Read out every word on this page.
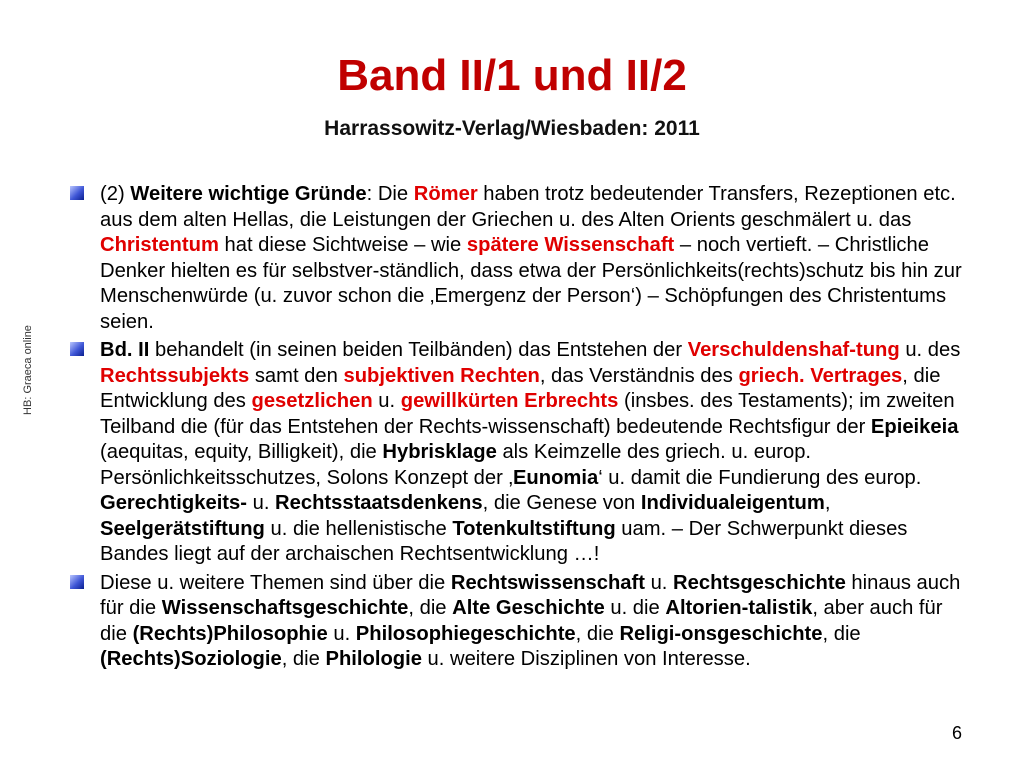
Band II/1 und II/2
Harrassowitz-Verlag/Wiesbaden: 2011
HB: Graeca online
(2) Weitere wichtige Gründe: Die Römer haben trotz bedeutender Transfers, Rezeptionen etc. aus dem alten Hellas, die Leistungen der Griechen u. des Alten Orients geschmälert u. das Christentum hat diese Sichtweise – wie spätere Wissenschaft – noch vertieft. – Christliche Denker hielten es für selbstver-ständlich, dass etwa der Persönlichkeits(rechts)schutz bis hin zur Menschenwürde (u. zuvor schon die ‚Emergenz der Person‘) – Schöpfungen des Christentums seien.
Bd. II behandelt (in seinen beiden Teilbänden) das Entstehen der Verschuldenshaf-tung u. des Rechtssubjekts samt den subjektiven Rechten, das Verständnis des griech. Vertrages, die Entwicklung des gesetzlichen u. gewillkürten Erbrechts (insbes. des Testaments); im zweiten Teilband die (für das Entstehen der Rechts-wissenschaft) bedeutende Rechtsfigur der Epieikeia (aequitas, equity, Billigkeit), die Hybrisklage als Keimzelle des griech. u. europ. Persönlichkeitsschutzes, Solons Konzept der ‚Eunomia‘ u. damit die Fundierung des europ. Gerechtigkeits- u. Rechtsstaatsdenkens, die Genese von Individualeigentum, Seelgerätstiftung u. die hellenistische Totenkultstiftung uam. – Der Schwerpunkt dieses Bandes liegt auf der archaischen Rechtsentwicklung …!
Diese u. weitere Themen sind über die Rechtswissenschaft u. Rechtsgeschichte hinaus auch für die Wissenschaftsgeschichte, die Alte Geschichte u. die Altorien-talistik, aber auch für die (Rechts)Philosophie u. Philosophiegeschichte, die Religi-onsgeschichte, die (Rechts)Soziologie, die Philologie u. weitere Disziplinen von Interesse.
6
